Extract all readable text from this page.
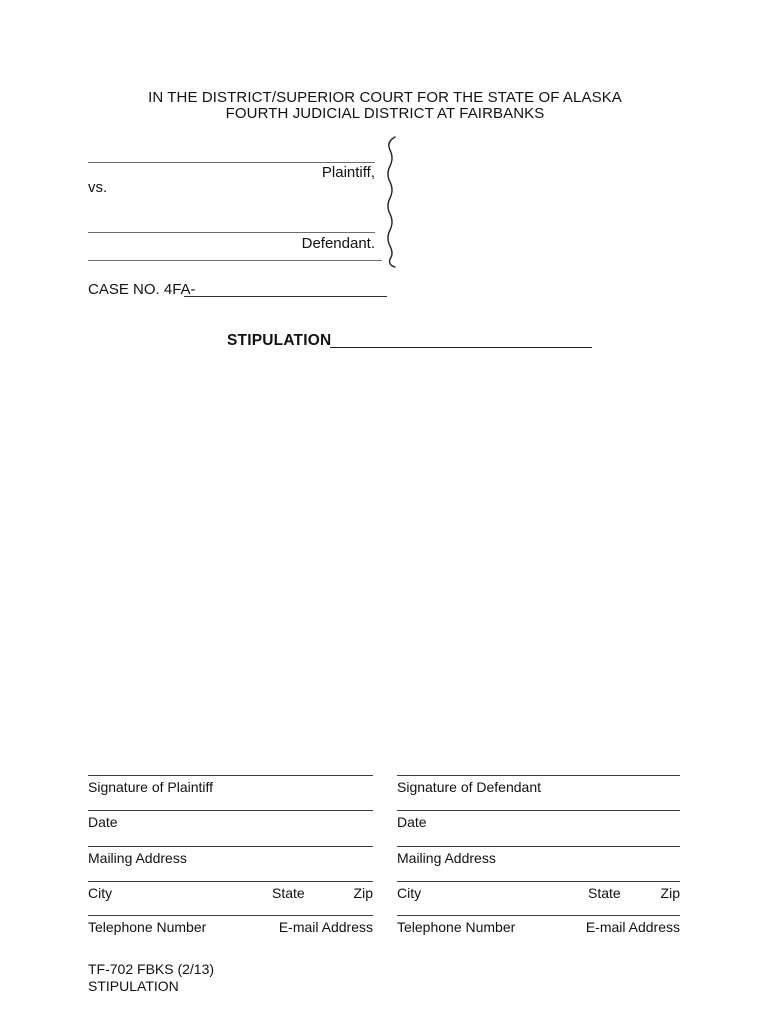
IN THE DISTRICT/SUPERIOR COURT FOR THE STATE OF ALASKA
FOURTH JUDICIAL DISTRICT AT FAIRBANKS
Plaintiff,
vs.
Defendant.
CASE NO. 4FA-
STIPULATION
Signature of Plaintiff
Date
Mailing Address
City	State	Zip
Telephone Number	E-mail Address
Signature of Defendant
Date
Mailing Address
City	State	Zip
Telephone Number	E-mail Address
TF-702 FBKS (2/13)
STIPULATION
